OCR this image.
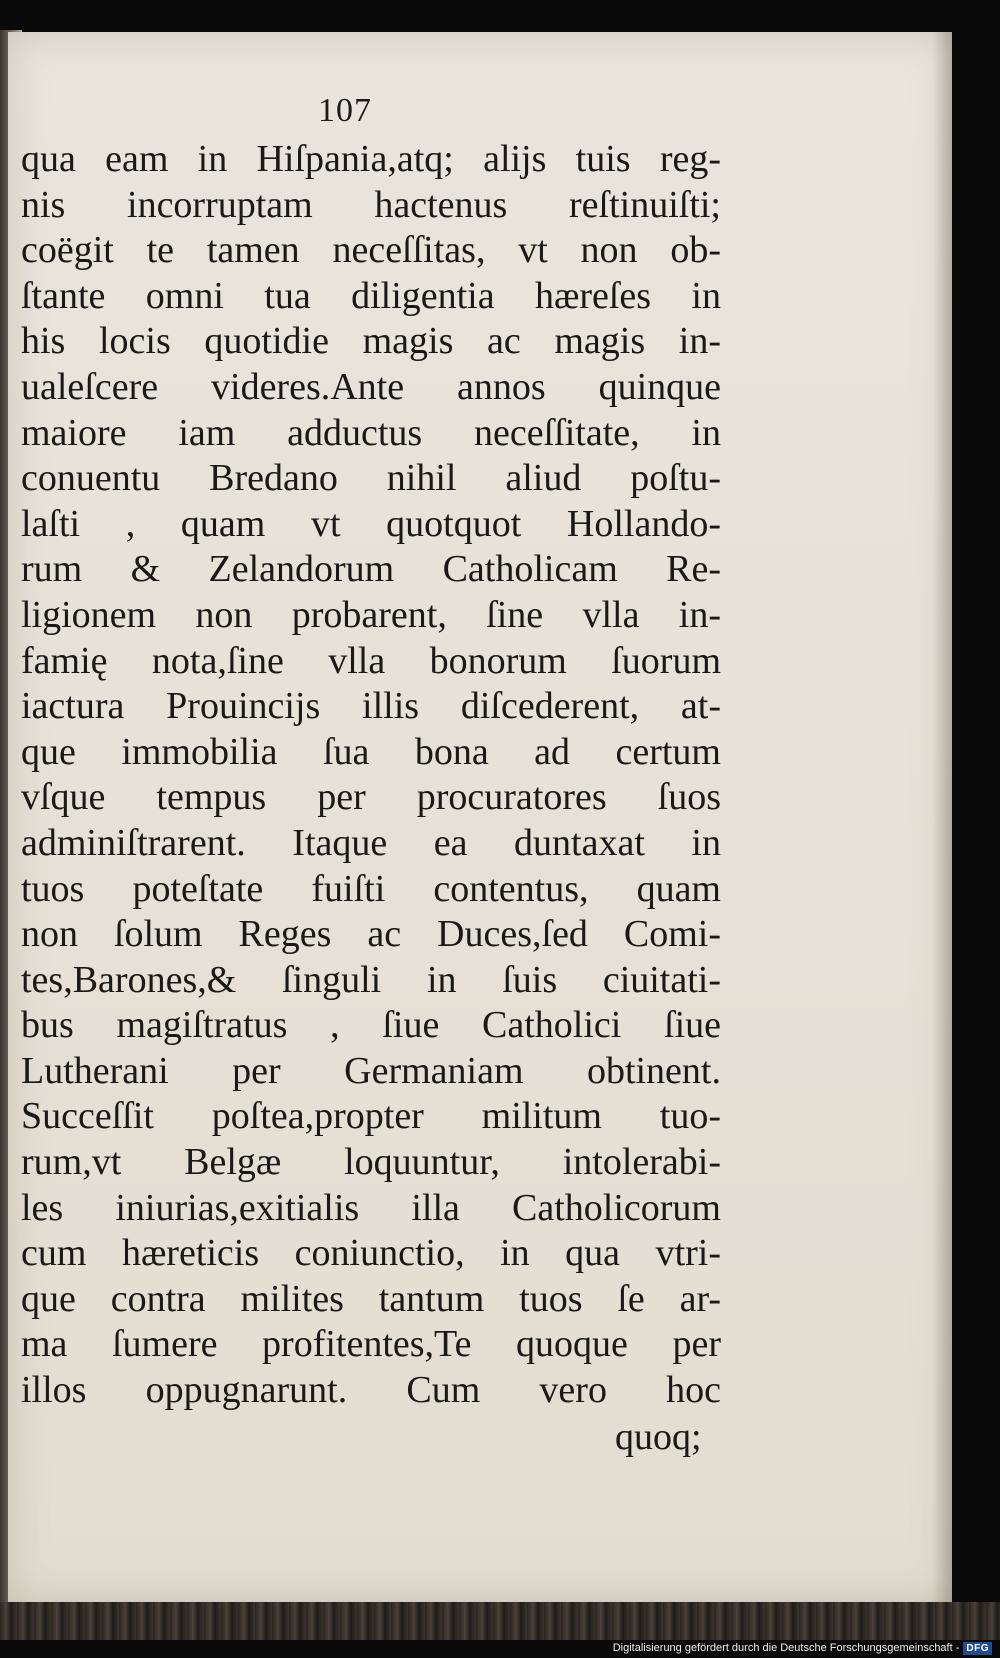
107
qua eam in Hiſpania,atq; alijs tuis reg-
nis incorruptam hactenus reſtinuiſti;
coëgit te tamen neceſſitas, vt non ob-
ſtante omni tua diligentia hæreſes in
his locis quotidie magis ac magis in-
ualeſcere videres.Ante annos quinque
maiore iam adductus neceſſitate, in
conuentu Bredano nihil aliud poſtu-
laſti , quam vt quotquot Hollando-
rum & Zelandorum Catholicam Re-
ligionem non probarent, ſine vlla in-
famię nota,ſine vlla bonorum ſuorum
iactura Prouincijs illis diſcederent, at-
que immobilia ſua bona ad certum
vſque tempus per procuratores ſuos
adminiſtrarent. Itaque ea duntaxat in
tuos poteſtate fuiſti contentus, quam
non ſolum Reges ac Duces,ſed Comi-
tes,Barones,& ſinguli in ſuis ciuitati-
bus magiſtratus , ſiue Catholici ſiue
Lutherani per Germaniam obtinent.
Succeſſit poſtea,propter militum tuo-
rum,vt Belgæ loquuntur, intolerabi-
les iniurias,exitialis illa Catholicorum
cum hæreticis coniunctio, in qua vtri-
que contra milites tantum tuos ſe ar-
ma ſumere profitentes,Te quoque per
illos oppugnarunt. Cum vero hoc
quoq;
Digitalisierung gefördert durch die Deutsche Forschungsgemeinschaft - DFG
